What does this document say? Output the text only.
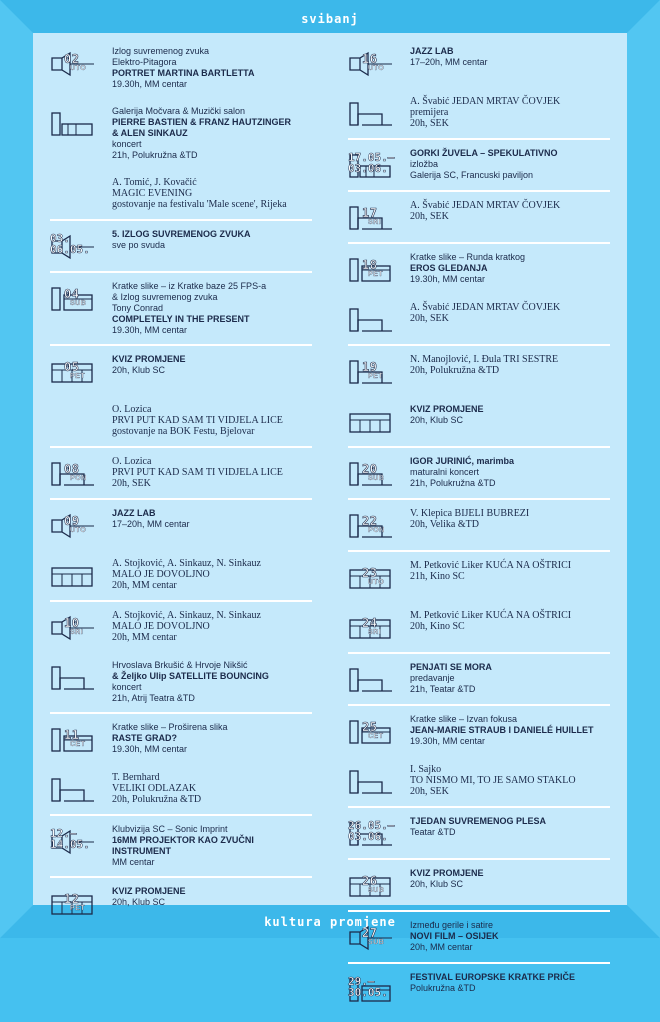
svibanj
kultura promjene
02
UTO
Izlog suvremenog zvuka
Elektro-Pitagora
PORTRET MARTINA BARTLETTA
19.30h, MM centar
Galerija Močvara & Muzički salon
PIERRE BASTIEN & FRANZ HAUTZINGER
& ALEN SINKAUZ
koncert
21h, Polukružna &TD
A. Tomić, J. Kovačić
MAGIC EVENING
gostovanje na festivalu 'Male scene', Rijeka
03.
06.05.
5. IZLOG SUVREMENOG ZVUKA
sve po svuda
04
SUB
Kratke slike – iz Kratke baze 25 FPS-a
& Izlog suvremenog zvuka
Tony Conrad
COMPLETELY IN THE PRESENT
19.30h, MM centar
05
PET
KVIZ PROMJENE
20h, Klub SC
O. Lozica
PRVI PUT KAD SAM TI VIDJELA LICE
gostovanje na BOK Festu, Bjelovar
08
PON
O. Lozica
PRVI PUT KAD SAM TI VIDJELA LICE
20h, SEK
09
UTO
JAZZ LAB
17–20h, MM centar
A. Stojković, A. Sinkauz, N. Sinkauz
MALO JE DOVOLJNO
20h, MM centar
10
SRI
A. Stojković, A. Sinkauz, N. Sinkauz
MALO JE DOVOLJNO
20h, MM centar
Hrvoslava Brkušić & Hrvoje Nikšić
& Željko Ulip SATELLITE BOUNCING
koncert
21h, Atrij Teatra &TD
11
ČET
Kratke slike – Proširena slika
RASTE GRAD?
19.30h, MM centar
T. Bernhard
VELIKI ODLAZAK
20h, Polukružna &TD
12.–
14.05.
Klubvizija SC – Sonic Imprint
16MM PROJEKTOR KAO ZVUČNI
INSTRUMENT
MM centar
12
PET
KVIZ PROMJENE
20h, Klub SC
16
UTO
JAZZ LAB
17–20h, MM centar
A. Švabić JEDAN MRTAV ČOVJEK
premijera
20h, SEK
17.05.–
03.06.
GORKI ŽUVELA – SPEKULATIVNO
izložba
Galerija SC, Francuski paviljon
17
SRI
A. Švabić JEDAN MRTAV ČOVJEK
20h, SEK
18
PET
Kratke slike – Runda kratkog
EROS GLEDANJA
19.30h, MM centar
A. Švabić JEDAN MRTAV ČOVJEK
20h, SEK
19
PET
N. Manojlović, I. Đula TRI SESTRE
20h, Polukružna &TD
KVIZ PROMJENE
20h, Klub SC
20
SUB
IGOR JURINIĆ, marimba
maturalni koncert
21h, Polukružna &TD
22
PON
V. Klepica BIJELI BUBREZI
20h, Velika &TD
23
UTO
M. Petković Liker KUĆA NA OŠTRICI
21h, Kino SC
24
SRI
M. Petković Liker KUĆA NA OŠTRICI
20h, Kino SC
PENJATI SE MORA
predavanje
21h, Teatar &TD
25
ČET
Kratke slike – Izvan fokusa
JEAN-MARIE STRAUB I DANIELÉ HUILLET
19.30h, MM centar
I. Sajko
TO NISMO MI, TO JE SAMO STAKLO
20h, SEK
26.05.–
03.06.
TJEDAN SUVREMENOG PLESA
Teatar &TD
26
SUB
KVIZ PROMJENE
20h, Klub SC
27
SUB
Između gerile i satire
NOVI FILM – OSIJEK
20h, MM centar
29.–
30.05.
FESTIVAL EUROPSKE KRATKE PRIČE
Polukružna &TD
